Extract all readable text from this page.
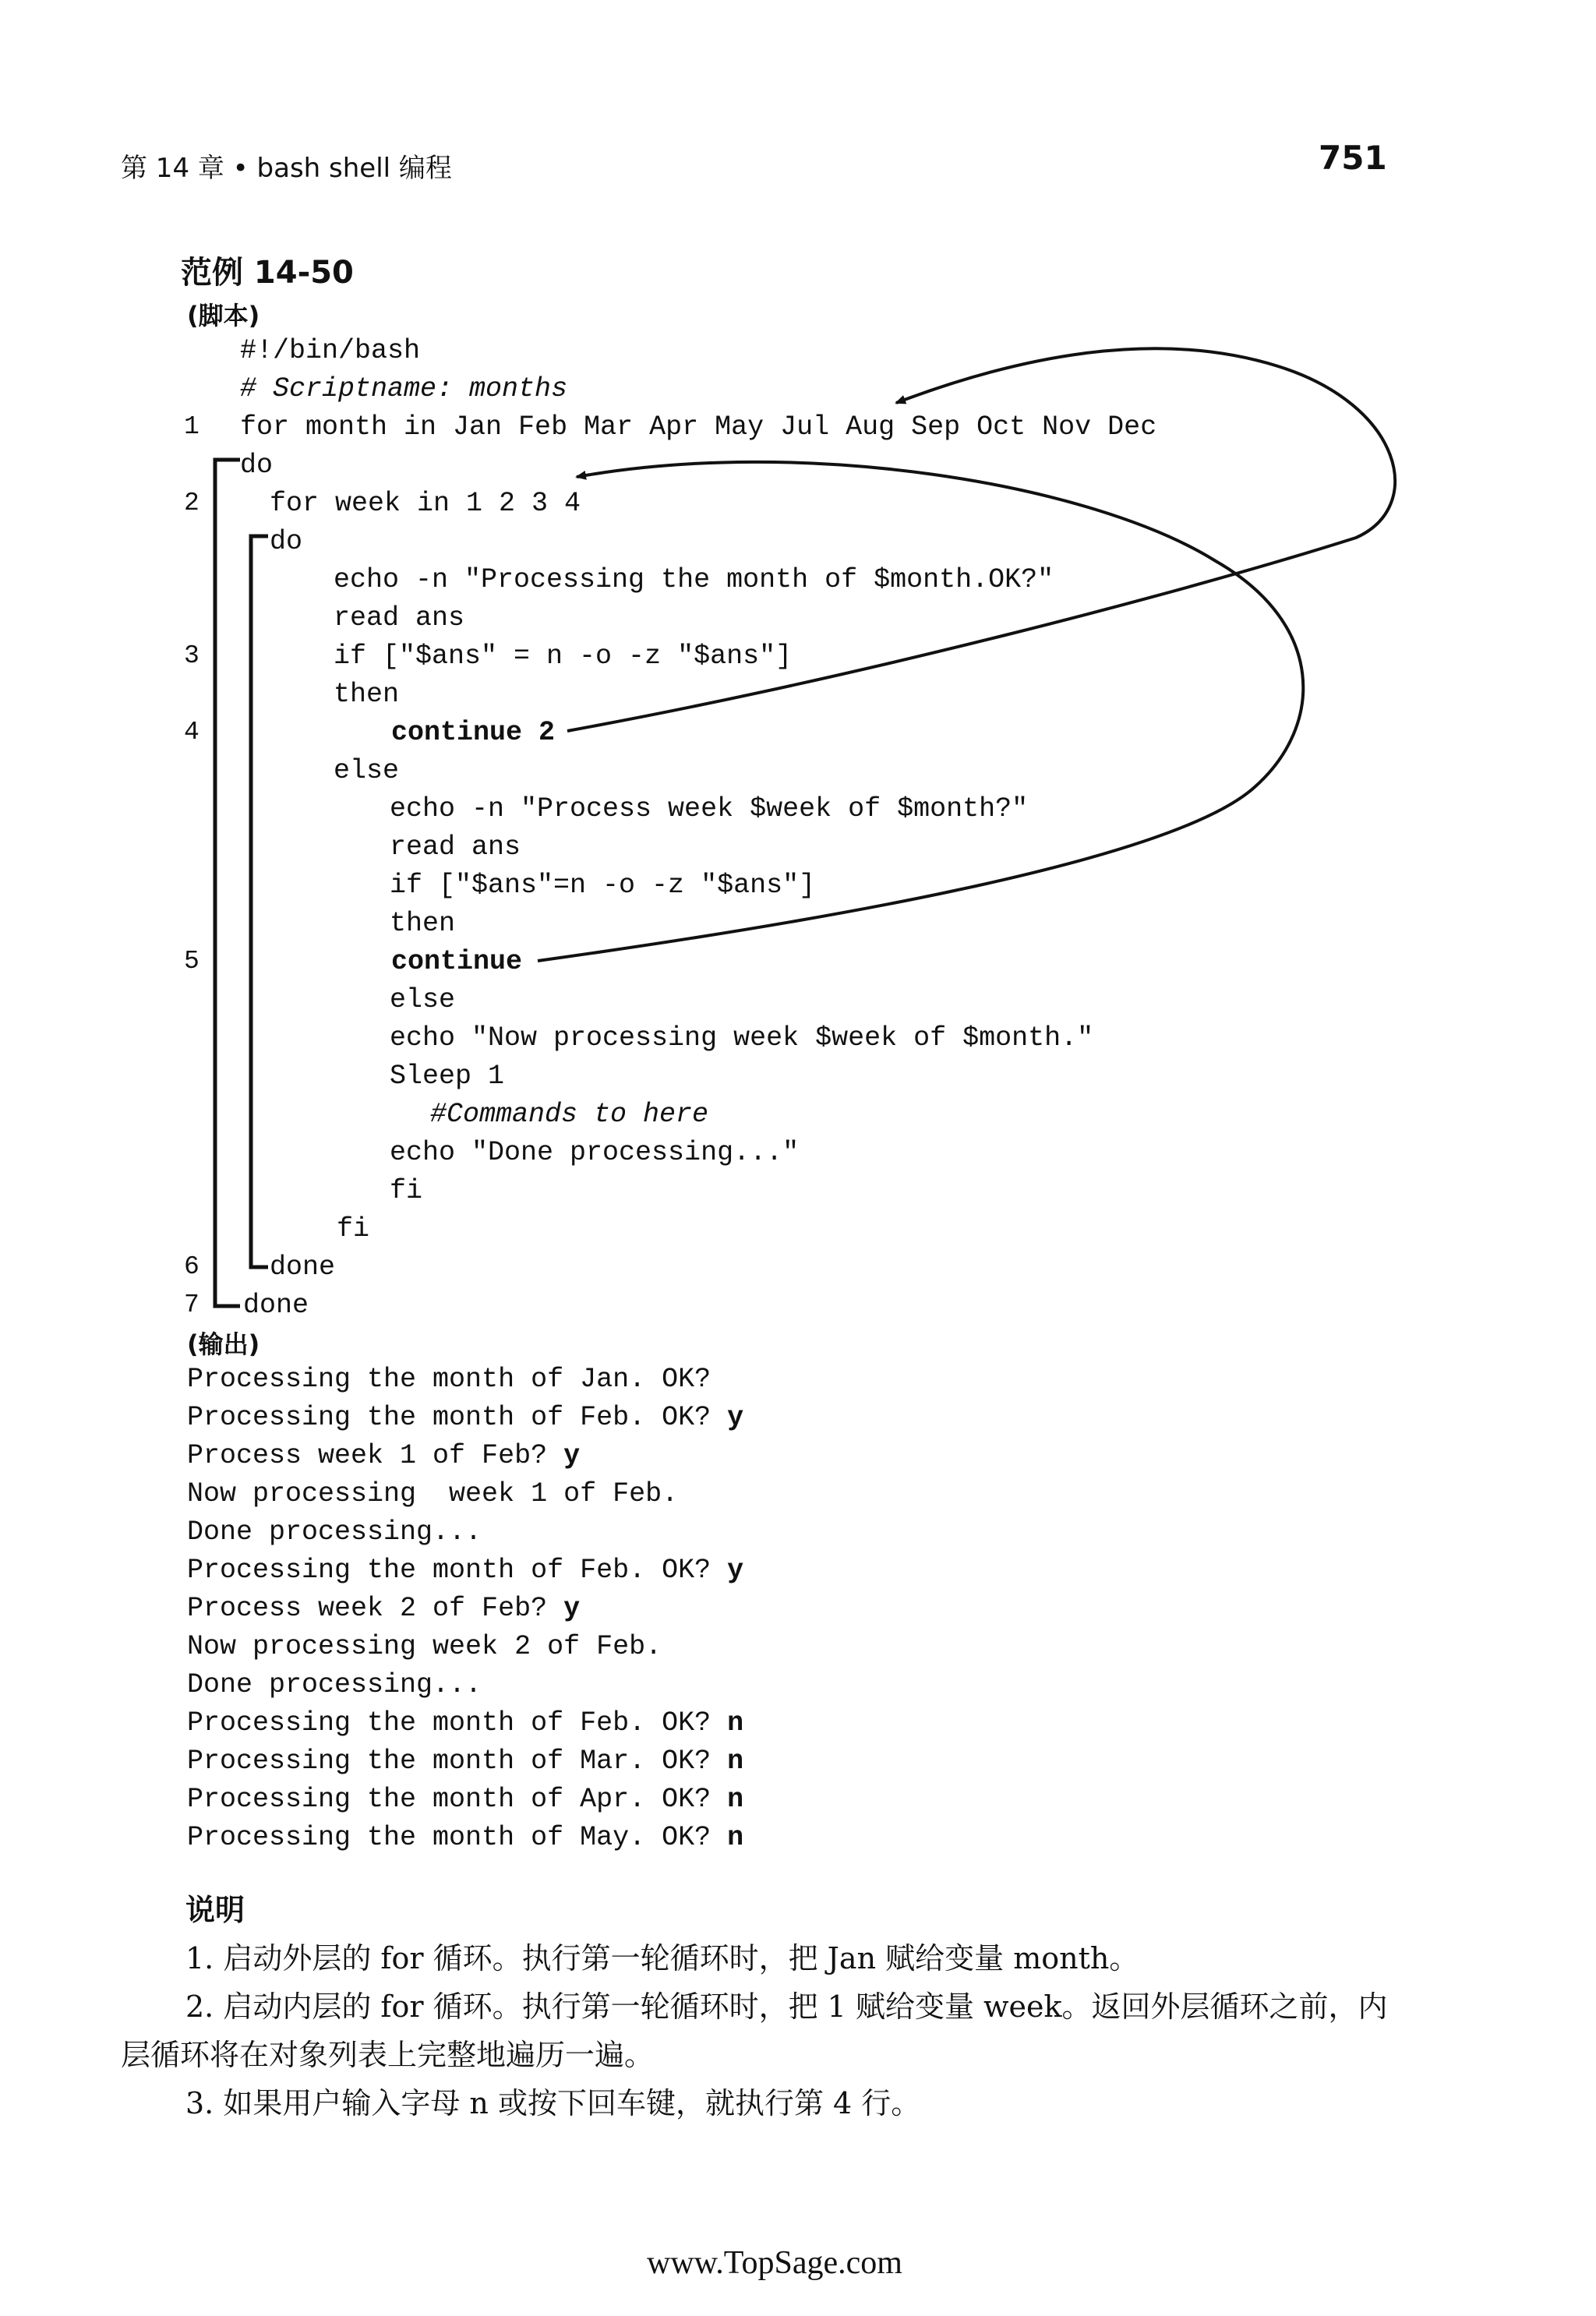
第 14 章 • bash shell 编程	751
范例 14-50
(脚本)
1
2
3
4
5
6
7
#!/bin/bash
# Scriptname: months
for month in Jan Feb Mar Apr May Jul Aug Sep Oct Nov Dec
do
for week in 1 2 3 4
do
echo -n "Processing the month of $month.OK?"
read ans
if ["$ans" = n -o -z "$ans"]
then
continue 2
else
echo -n "Process week $week of $month?"
read ans
if ["$ans"=n -o -z "$ans"]
then
continue
else
echo "Now processing week $week of $month."
Sleep 1
#Commands to here
echo "Done processing..."
fi
fi
done
done
(输出)
Processing the month of Jan. OK?
Processing the month of Feb. OK? y
Process week 1 of Feb? y
Now processing  week 1 of Feb.
Done processing...
Processing the month of Feb. OK? y
Process week 2 of Feb? y
Now processing week 2 of Feb.
Done processing...
Processing the month of Feb. OK? n
Processing the month of Mar. OK? n
Processing the month of Apr. OK? n
Processing the month of May. OK? n
说明
1. 启动外层的 for 循环。执行第一轮循环时，把 Jan 赋给变量 month。
2. 启动内层的 for 循环。执行第一轮循环时，把 1 赋给变量 week。返回外层循环之前，内层循环将在对象列表上完整地遍历一遍。
3. 如果用户输入字母 n 或按下回车键，就执行第 4 行。
www.TopSage.com
